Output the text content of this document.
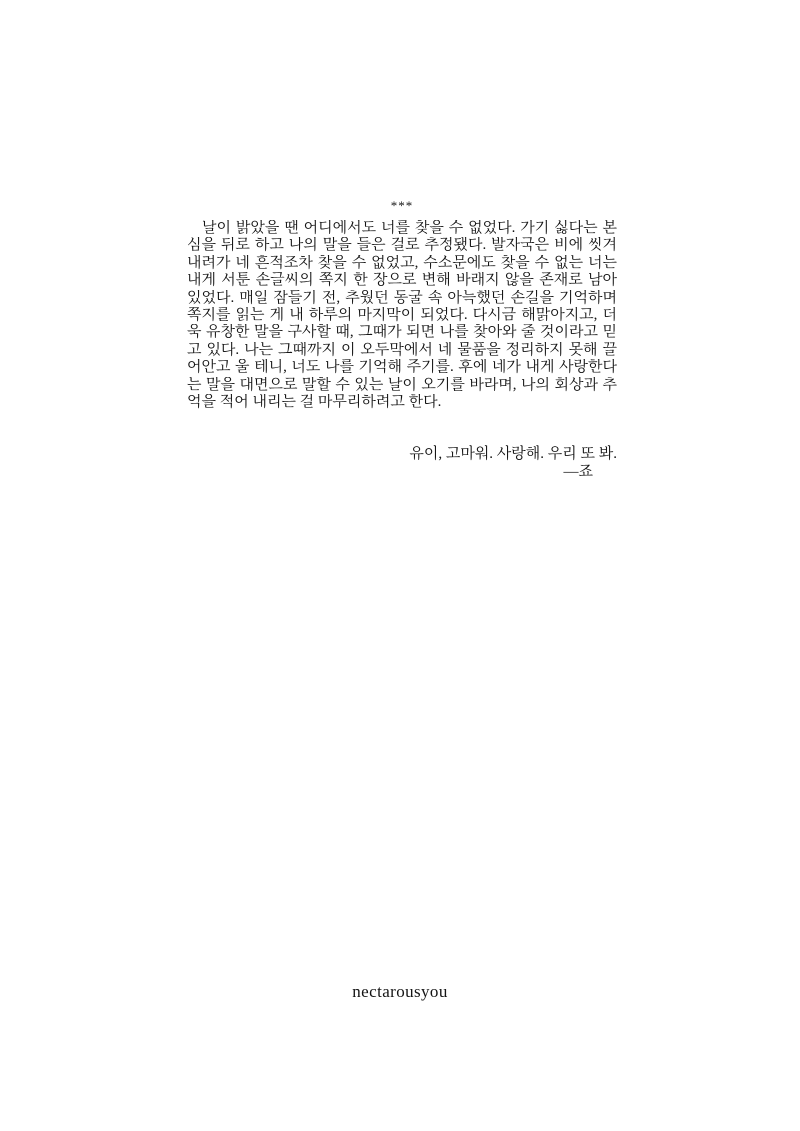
***
날이 밝았을 땐 어디에서도 너를 찾을 수 없었다. 가기 싫다는 본
심을 뒤로 하고 나의 말을 들은 걸로 추정됐다. 발자국은 비에 씻겨
내려가 네 흔적조차 찾을 수 없었고, 수소문에도 찾을 수 없는 너는
내게 서툰 손글씨의 쪽지 한 장으로 변해 바래지 않을 존재로 남아
있었다. 매일 잠들기 전, 추웠던 동굴 속 아늑했던 손길을 기억하며
쪽지를 읽는 게 내 하루의 마지막이 되었다. 다시금 해맑아지고, 더
욱 유창한 말을 구사할 때, 그때가 되면 나를 찾아와 줄 것이라고 믿
고 있다. 나는 그때까지 이 오두막에서 네 물품을 정리하지 못해 끌
어안고 울 테니, 너도 나를 기억해 주기를. 후에 네가 내게 사랑한다
는 말을 대면으로 말할 수 있는 날이 오기를 바라며, 나의 회상과 추
억을 적어 내리는 걸 마무리하려고 한다.
유이, 고마워. 사랑해. 우리 또 봐.
—죠
nectarousyou
